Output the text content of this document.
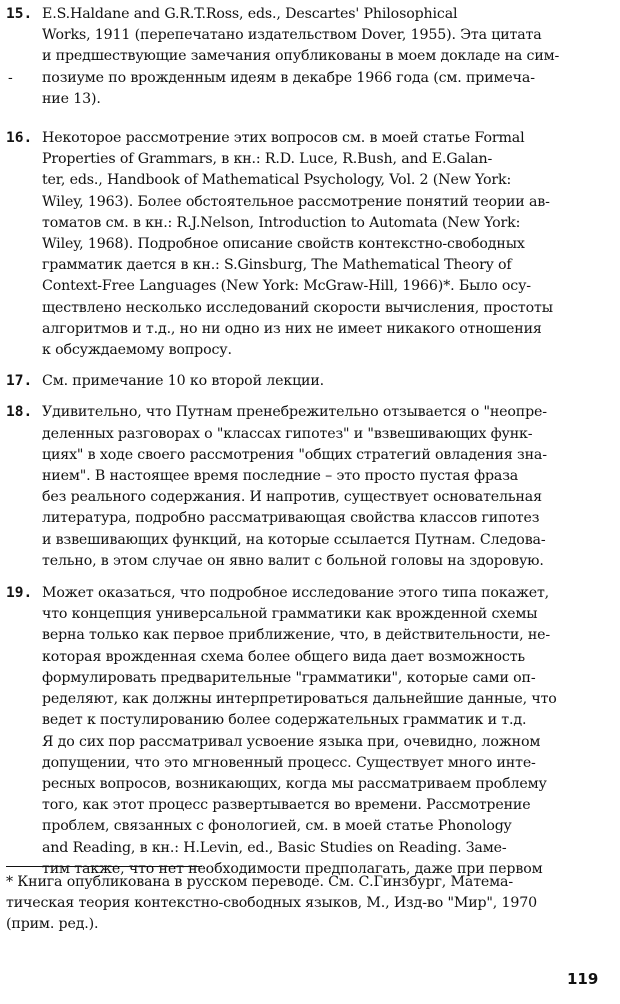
-
15. E.S.Haldane and G.R.T.Ross, eds., Descartes' Philosophical
Works, 1911 (перепечатано издательством Dover, 1955). Эта цитата
и предшествующие замечания опубликованы в моем докладе на сим-
позиуме по врожденным идеям в декабре 1966 года (см. примеча-
ние 13).

16. Некоторое рассмотрение этих вопросов см. в моей статье Formal
Properties of Grammars, в кн.: R.D. Luce, R.Bush, and E.Galan-
ter, eds., Handbook of Mathematical Psychology, Vol. 2 (New York:
Wiley, 1963). Более обстоятельное рассмотрение понятий теории ав-
томатов см. в кн.: R.J.Nelson, Introduction to Automata (New York:
Wiley, 1968). Подробное описание свойств контекстно-свободных
грамматик дается в кн.: S.Ginsburg, The Mathematical Theory of
Context-Free Languages (New York: McGraw-Hill, 1966)*. Было осу-
ществлено несколько исследований скорости вычисления, простоты
алгоритмов и т.д., но ни одно из них не имеет никакого отношения
к обсуждаемому вопросу.

17. См. примечание 10 ко второй лекции.

18. Удивительно, что Путнам пренебрежительно отзывается о "неопре-
деленных разговорах о "классах гипотез" и "взвешивающих функ-
циях" в ходе своего рассмотрения "общих стратегий овладения зна-
нием". В настоящее время последние – это просто пустая фраза
без реального содержания. И напротив, существует основательная
литература, подробно рассматривающая свойства классов гипотез
и взвешивающих функций, на которые ссылается Путнам. Следова-
тельно, в этом случае он явно валит с больной головы на здоровую.

19. Может оказаться, что подробное исследование этого типа покажет,
что концепция универсальной грамматики как врожденной схемы
верна только как первое приближение, что, в действительности, не-
которая врожденная схема более общего вида дает возможность
формулировать предварительные "грамматики", которые сами оп-
ределяют, как должны интерпретироваться дальнейшие данные, что
ведет к постулированию более содержательных грамматик и т.д.
Я до сих пор рассматривал усвоение языка при, очевидно, ложном
допущении, что это мгновенный процесс. Существует много инте-
ресных вопросов, возникающих, когда мы рассматриваем проблему
того, как этот процесс развертывается во времени. Рассмотрение
проблем, связанных с фонологией, см. в моей статье Phonology
and Reading, в кн.: H.Levin, ed., Basic Studies on Reading. Заме-
тим также, что нет необходимости предполагать, даже при первом

* Книга опубликована в русском переводе. См. С.Гинзбург, Матема-
тическая теория контекстно-свободных языков, М., Изд-во "Мир", 1970
(прим. ред.).

119
